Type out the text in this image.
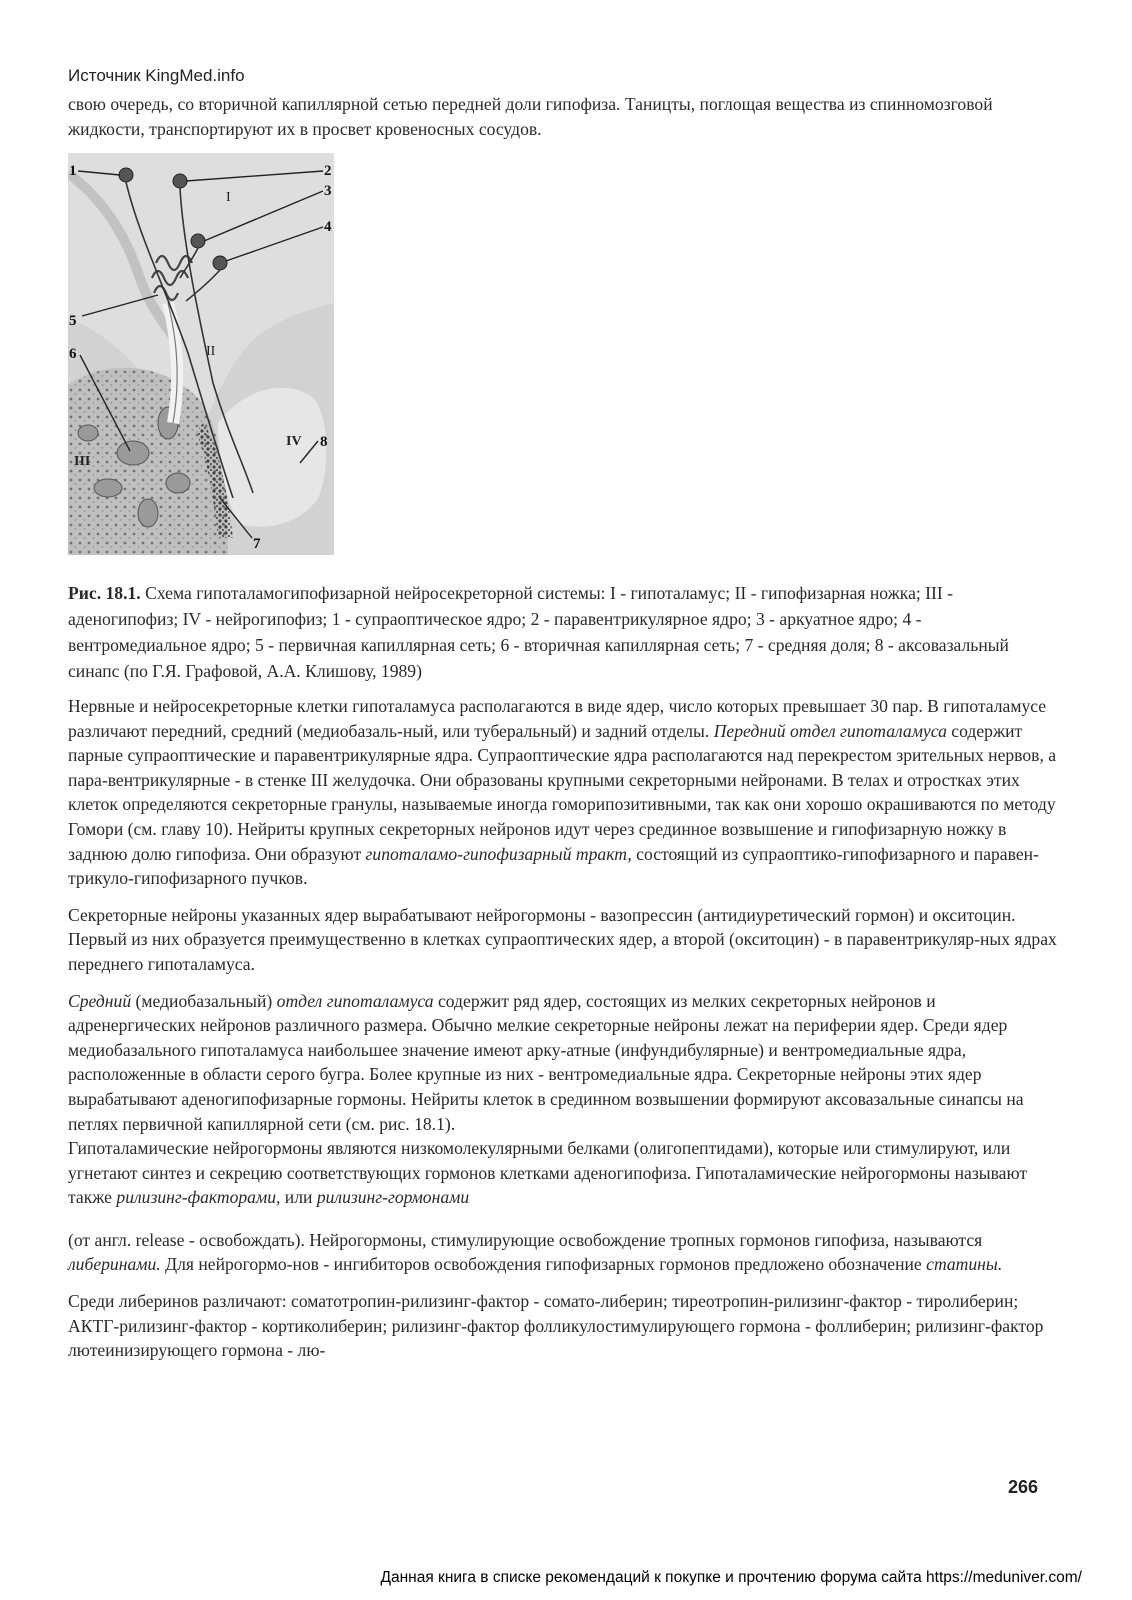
Источник KingMed.info

свою очередь, со вторичной капиллярной сетью передней доли гипофиза. Таницты, поглощая вещества из спинномозговой жидкости, транспортируют их в просвет кровеносных сосудов.

1	2
3
4
5
6
7
8
I
II
III
IV

Рис. 18.1. Схема гипоталамогипофизарной нейросекреторной системы: I - гипоталамус; II - гипофизарная ножка; III - аденогипофиз; IV - нейрогипофиз; 1 - супраоптическое ядро; 2 - паравентрикулярное ядро; 3 - аркуатное ядро; 4 - вентромедиальное ядро; 5 - первичная капиллярная сеть; 6 - вторичная капиллярная сеть; 7 - средняя доля; 8 - аксовазальный синапс (по Г.Я. Графовой, А.А. Клишову, 1989)

Нервные и нейросекреторные клетки гипоталамуса располагаются в виде ядер, число которых превышает 30 пар. В гипоталамусе различают передний, средний (медиобазаль-ный, или туберальный) и задний отделы. Передний отдел гипоталамуса содержит парные супраоптические и паравентрикулярные ядра. Супраоптические ядра располагаются над перекрестом зрительных нервов, а пара-вентрикулярные - в стенке III желудочка. Они образованы крупными секреторными нейронами. В телах и отростках этих клеток определяются секреторные гранулы, называемые иногда гоморипозитивными, так как они хорошо окрашиваются по методу Гомори (см. главу 10). Нейриты крупных секреторных нейронов идут через срединное возвышение и гипофизарную ножку в заднюю долю гипофиза. Они образуют гипоталамо-гипофизарный тракт, состоящий из супраоптико-гипофизарного и паравен-трикуло-гипофизарного пучков.

Секреторные нейроны указанных ядер вырабатывают нейрогормоны - вазопрессин (антидиуретический гормон) и окситоцин. Первый из них образуется преимущественно в клетках супраоптических ядер, а второй (окситоцин) - в паравентрикуляр-ных ядрах переднего гипоталамуса.

Средний (медиобазальный) отдел гипоталамуса содержит ряд ядер, состоящих из мелких секреторных нейронов и адренергических нейронов различного размера. Обычно мелкие секреторные нейроны лежат на периферии ядер. Среди ядер медиобазального гипоталамуса наибольшее значение имеют арку-атные (инфундибулярные) и вентромедиальные ядра, расположенные в области серого бугра. Более крупные из них - вентромедиальные ядра. Секреторные нейроны этих ядер вырабатывают аденогипофизарные гормоны. Нейриты клеток в срединном возвышении формируют аксовазальные синапсы на петлях первичной капиллярной сети (см. рис. 18.1).

Гипоталамические нейрогормоны являются низкомолекулярными белками (олигопептидами), которые или стимулируют, или угнетают синтез и секрецию соответствующих гормонов клетками аденогипофиза. Гипоталамические нейрогормоны называют также рилизинг-факторами, или рилизинг-гормонами

(от англ. release - освобождать). Нейрогормоны, стимулирующие освобождение тропных гормонов гипофиза, называются либеринами. Для нейрогормо-нов - ингибиторов освобождения гипофизарных гормонов предложено обозначение статины.

Среди либеринов различают: соматотропин-рилизинг-фактор - сомато-либерин; тиреотропин-рилизинг-фактор - тиролиберин; АКТГ-рилизинг-фактор - кортиколиберин; рилизинг-фактор фолликулостимулирующего гормона - фоллиберин; рилизинг-фактор лютеинизирующего гормона - лю-

266
Данная книга в списке рекомендаций к покупке и прочтению форума сайта https://meduniver.com/
